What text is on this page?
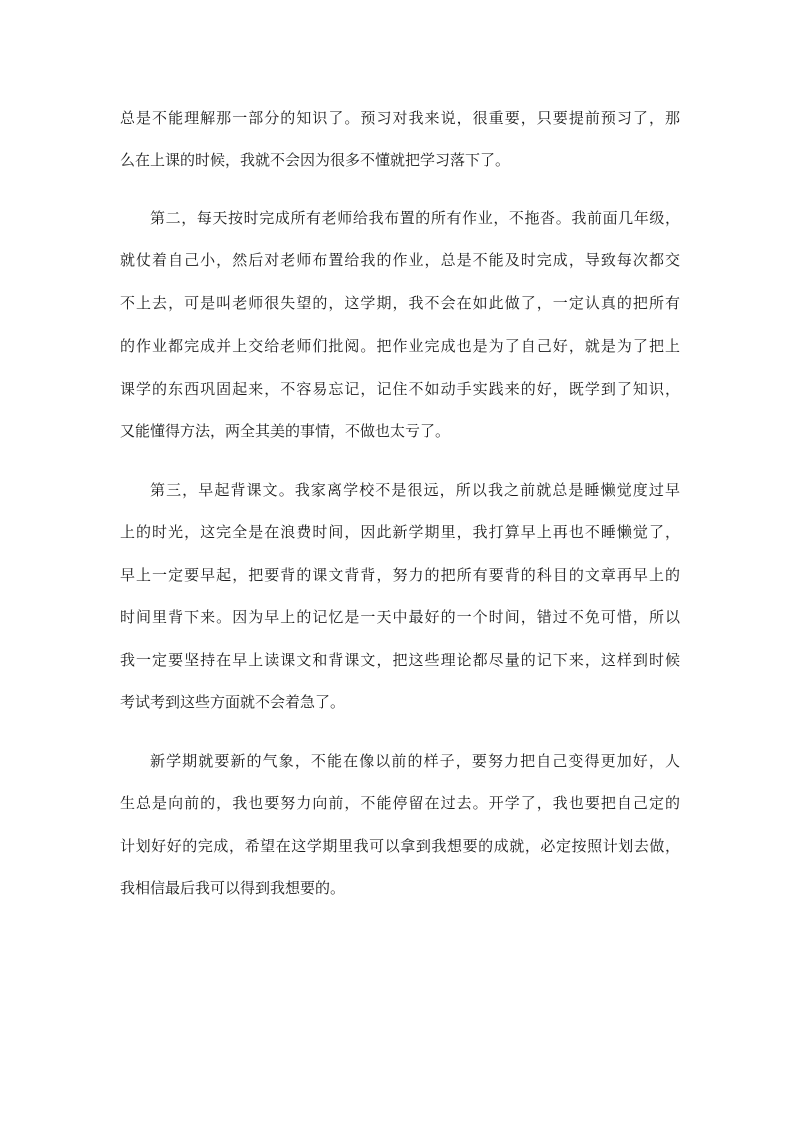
总是不能理解那一部分的知识了。预习对我来说，很重要，只要提前预习了，那
么在上课的时候，我就不会因为很多不懂就把学习落下了。
第二，每天按时完成所有老师给我布置的所有作业，不拖沓。我前面几年级，
就仗着自己小，然后对老师布置给我的作业，总是不能及时完成，导致每次都交
不上去，可是叫老师很失望的，这学期，我不会在如此做了，一定认真的把所有
的作业都完成并上交给老师们批阅。把作业完成也是为了自己好，就是为了把上
课学的东西巩固起来，不容易忘记，记住不如动手实践来的好，既学到了知识，
又能懂得方法，两全其美的事情，不做也太亏了。
第三，早起背课文。我家离学校不是很远，所以我之前就总是睡懒觉度过早
上的时光，这完全是在浪费时间，因此新学期里，我打算早上再也不睡懒觉了，
早上一定要早起，把要背的课文背背，努力的把所有要背的科目的文章再早上的
时间里背下来。因为早上的记忆是一天中最好的一个时间，错过不免可惜，所以
我一定要坚持在早上读课文和背课文，把这些理论都尽量的记下来，这样到时候
考试考到这些方面就不会着急了。
新学期就要新的气象，不能在像以前的样子，要努力把自己变得更加好，人
生总是向前的，我也要努力向前，不能停留在过去。开学了，我也要把自己定的
计划好好的完成，希望在这学期里我可以拿到我想要的成就，必定按照计划去做，
我相信最后我可以得到我想要的。
